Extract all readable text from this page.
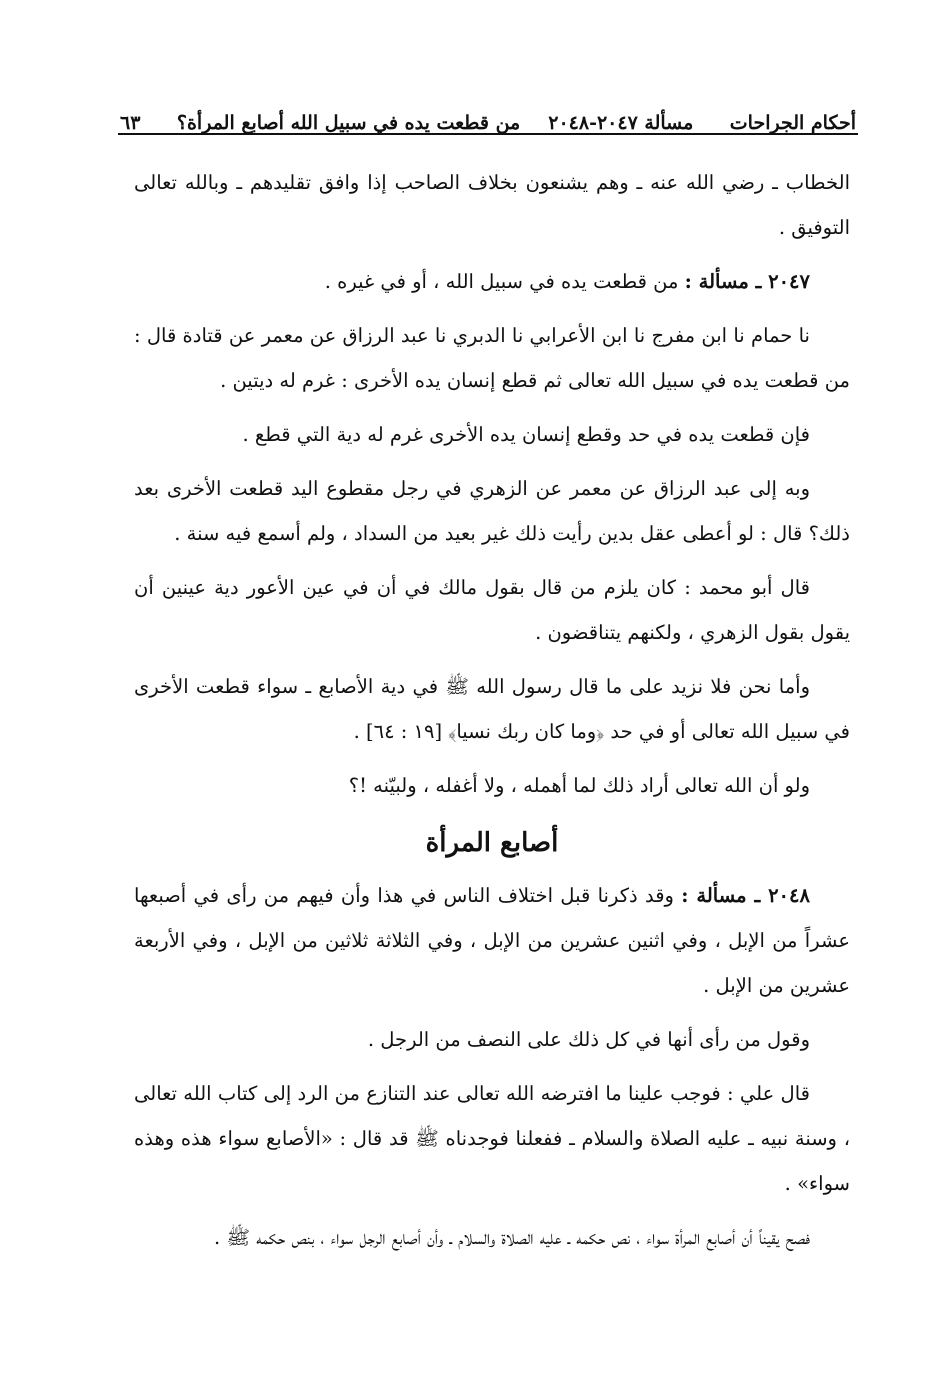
أحكام الجراحات
مسألة ٢٠٤٧-٢٠٤٨
من قطعت يده في سبيل الله أصابع المرأة؟
٦٣

الخطاب ـ رضي الله عنه ـ وهم يشنعون بخلاف الصاحب إذا وافق تقليدهم ـ وبالله تعالى التوفيق .

٢٠٤٧ ـ مسألة : من قطعت يده في سبيل الله ، أو في غيره .

نا حمام نا ابن مفرج نا ابن الأعرابي نا الدبري نا عبد الرزاق عن معمر عن قتادة قال : من قطعت يده في سبيل الله تعالى ثم قطع إنسان يده الأخرى : غرم له ديتين .

فإن قطعت يده في حد وقطع إنسان يده الأخرى غرم له دية التي قطع .

وبه إلى عبد الرزاق عن معمر عن الزهري في رجل مقطوع اليد قطعت الأخرى بعد ذلك؟ قال : لو أعطى عقل بدين رأيت ذلك غير بعيد من السداد ، ولم أسمع فيه سنة .

قال أبو محمد : كان يلزم من قال بقول مالك في أن في عين الأعور دية عينين أن يقول بقول الزهري ، ولكنهم يتناقضون .

وأما نحن فلا نزيد على ما قال رسول الله ﷺ في دية الأصابع ـ سواء قطعت الأخرى في سبيل الله تعالى أو في حد ﴿وما كان ربك نسيا﴾ [١٩ : ٦٤] .

ولو أن الله تعالى أراد ذلك لما أهمله ، ولا أغفله ، ولبيّنه !؟

أصابع المرأة

٢٠٤٨ ـ مسألة : وقد ذكرنا قبل اختلاف الناس في هذا وأن فيهم من رأى في أصبعها عشراً من الإبل ، وفي اثنين عشرين من الإبل ، وفي الثلاثة ثلاثين من الإبل ، وفي الأربعة عشرين من الإبل .

وقول من رأى أنها في كل ذلك على النصف من الرجل .

قال علي : فوجب علينا ما افترضه الله تعالى عند التنازع من الرد إلى كتاب الله تعالى ، وسنة نبيه ـ عليه الصلاة والسلام ـ ففعلنا فوجدناه ﷺ قد قال : «الأصابع سواء هذه وهذه سواء» .

فصح يقيناً أن أصابع المرأة سواء ، نص حكمه ـ عليه الصلاة والسلام ـ وأن أصابع الرجل سواء ، بنص حكمه ﷺ .
